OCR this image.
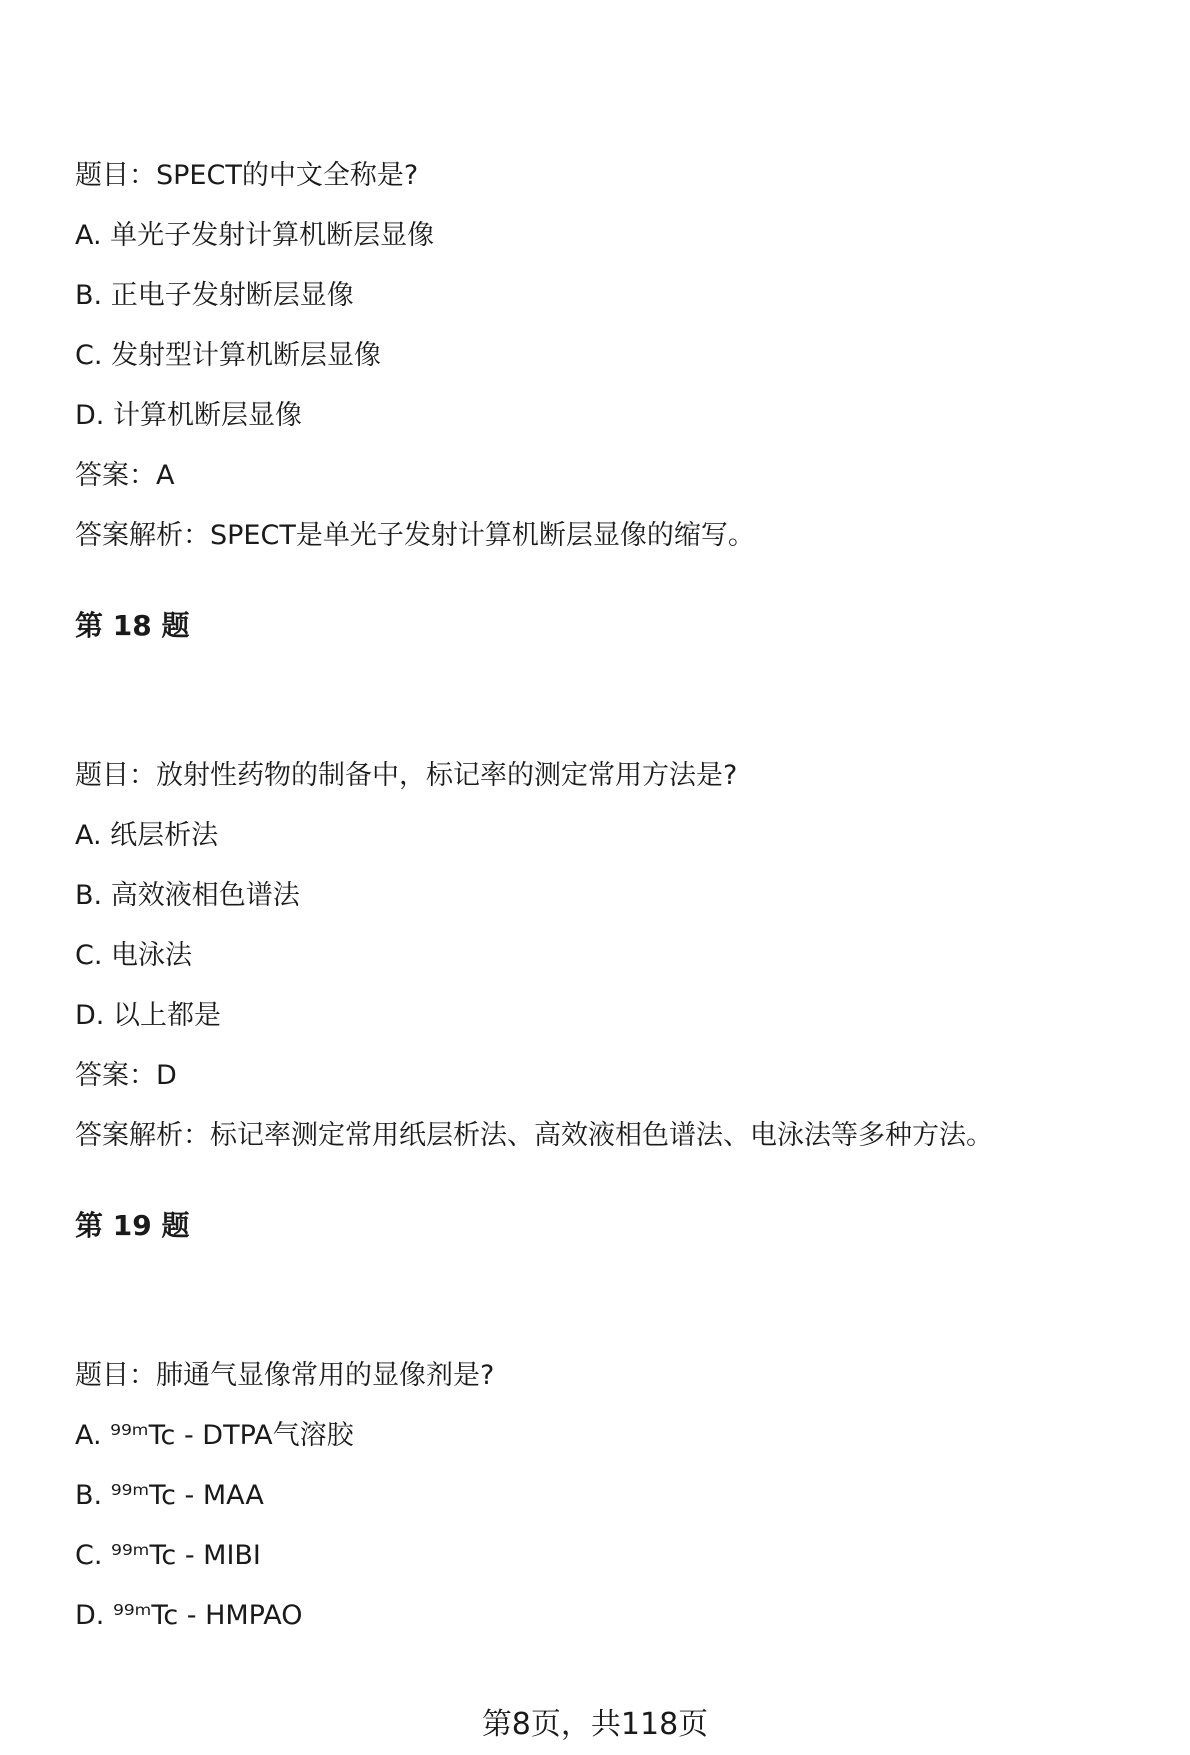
题目：SPECT的中文全称是?
A. 单光子发射计算机断层显像
B. 正电子发射断层显像
C. 发射型计算机断层显像
D. 计算机断层显像
答案：A
答案解析：SPECT是单光子发射计算机断层显像的缩写。
第 18 题
题目：放射性药物的制备中，标记率的测定常用方法是?
A. 纸层析法
B. 高效液相色谱法
C. 电泳法
D. 以上都是
答案：D
答案解析：标记率测定常用纸层析法、高效液相色谱法、电泳法等多种方法。
第 19 题
题目：肺通气显像常用的显像剂是?
A. ⁹⁹ᵐTc - DTPA气溶胶
B. ⁹⁹ᵐTc - MAA
C. ⁹⁹ᵐTc - MIBI
D. ⁹⁹ᵐTc - HMPAO
第8页，共118页
